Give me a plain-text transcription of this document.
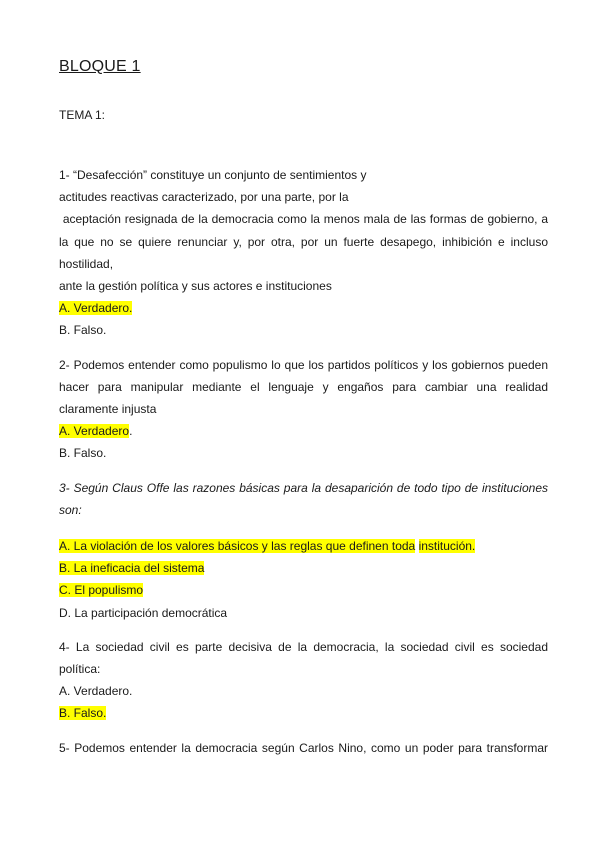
BLOQUE 1
TEMA 1:
1- “Desafección” constituye un conjunto de sentimientos y
actitudes reactivas caracterizado, por una parte, por la
aceptación resignada de la democracia como la menos mala de las formas de gobierno, a
la que no se quiere renunciar y, por otra, por un fuerte desapego, inhibición e incluso
hostilidad,
ante la gestión política y sus actores e instituciones
A. Verdadero.
B. Falso.
2- Podemos entender como populismo lo que los partidos políticos y los gobiernos pueden
hacer para manipular mediante el lenguaje y engaños para cambiar una realidad
claramente injusta
A. Verdadero.
B. Falso.
3- Según Claus Offe las razones básicas para la desaparición de todo tipo de instituciones
son:
A. La violación de los valores básicos y las reglas que definen toda institución.
B. La ineficacia del sistema
C. El populismo
D. La participación democrática
4- La sociedad civil es parte decisiva de la democracia, la sociedad civil es sociedad
política:
A. Verdadero.
B. Falso.
5- Podemos entender la democracia según Carlos Nino, como un poder para transformar
